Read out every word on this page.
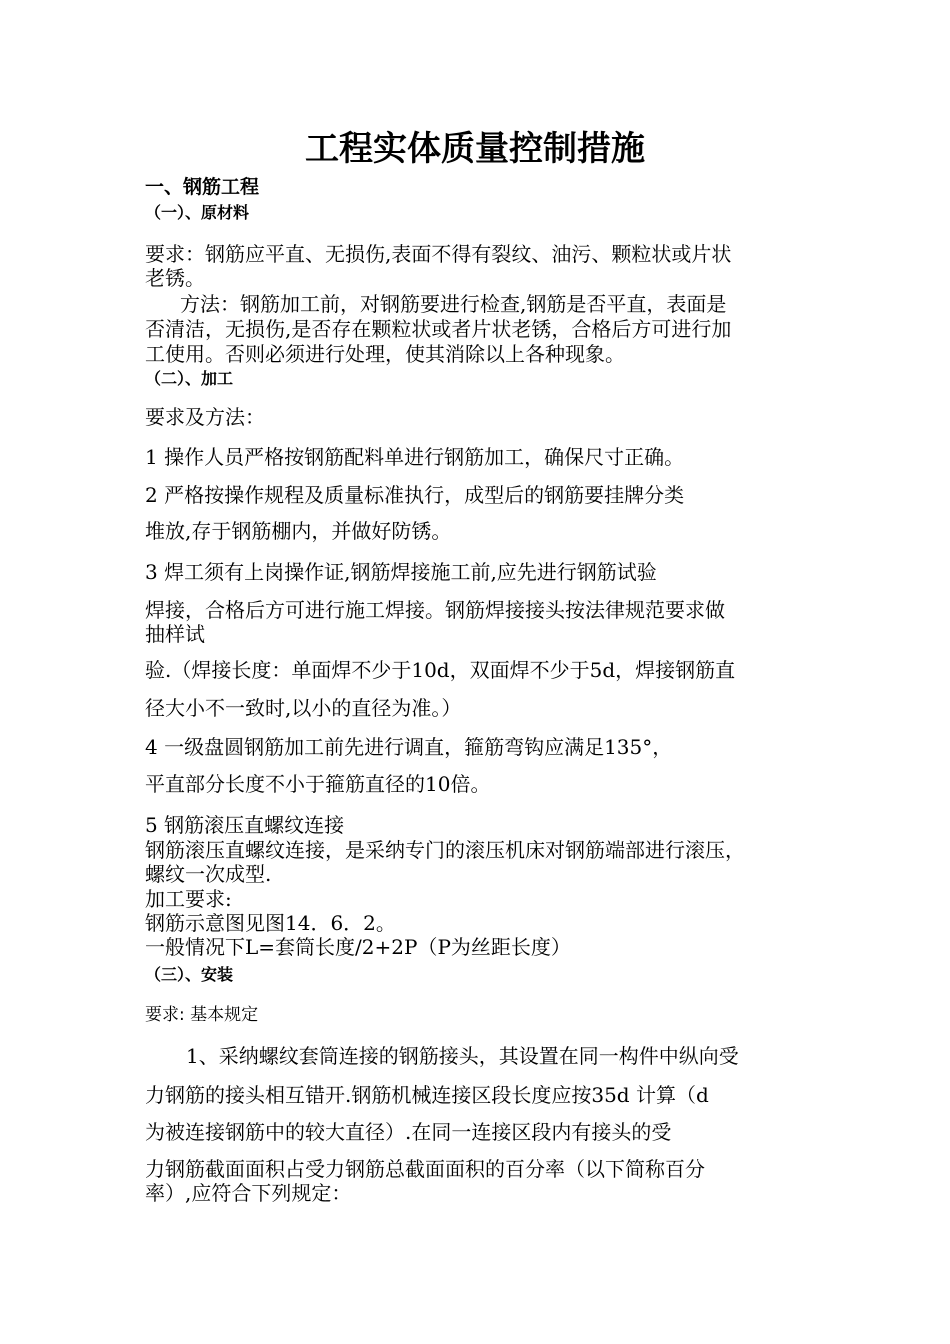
工程实体质量控制措施
一、钢筋工程
（一）、原材料
要求：钢筋应平直、无损伤,表面不得有裂纹、油污、颗粒状或片状
老锈。
方法：钢筋加工前，对钢筋要进行检查,钢筋是否平直，表面是
否清洁，无损伤,是否存在颗粒状或者片状老锈，合格后方可进行加
工使用。否则必须进行处理，使其消除以上各种现象。
（二）、加工
要求及方法：
1 操作人员严格按钢筋配料单进行钢筋加工，确保尺寸正确。
2 严格按操作规程及质量标准执行，成型后的钢筋要挂牌分类
堆放,存于钢筋棚内，并做好防锈。
3 焊工须有上岗操作证,钢筋焊接施工前,应先进行钢筋试验
焊接，合格后方可进行施工焊接。钢筋焊接接头按法律规范要求做
抽样试
验.（焊接长度：单面焊不少于10d，双面焊不少于5d，焊接钢筋直
径大小不一致时,以小的直径为准。）
4 一级盘圆钢筋加工前先进行调直，箍筋弯钩应满足135°，
平直部分长度不小于箍筋直径的10倍。
5 钢筋滚压直螺纹连接
钢筋滚压直螺纹连接，是采纳专门的滚压机床对钢筋端部进行滚压，
螺纹一次成型.
加工要求:
钢筋示意图见图14．6．2。
一般情况下L=套筒长度/2+2P（P为丝距长度）
（三）、安装
要求: 基本规定
1、采纳螺纹套筒连接的钢筋接头，其设置在同一构件中纵向受
力钢筋的接头相互错开.钢筋机械连接区段长度应按35d 计算（d
为被连接钢筋中的较大直径）.在同一连接区段内有接头的受
力钢筋截面面积占受力钢筋总截面面积的百分率（以下简称百分
率）,应符合下列规定：
